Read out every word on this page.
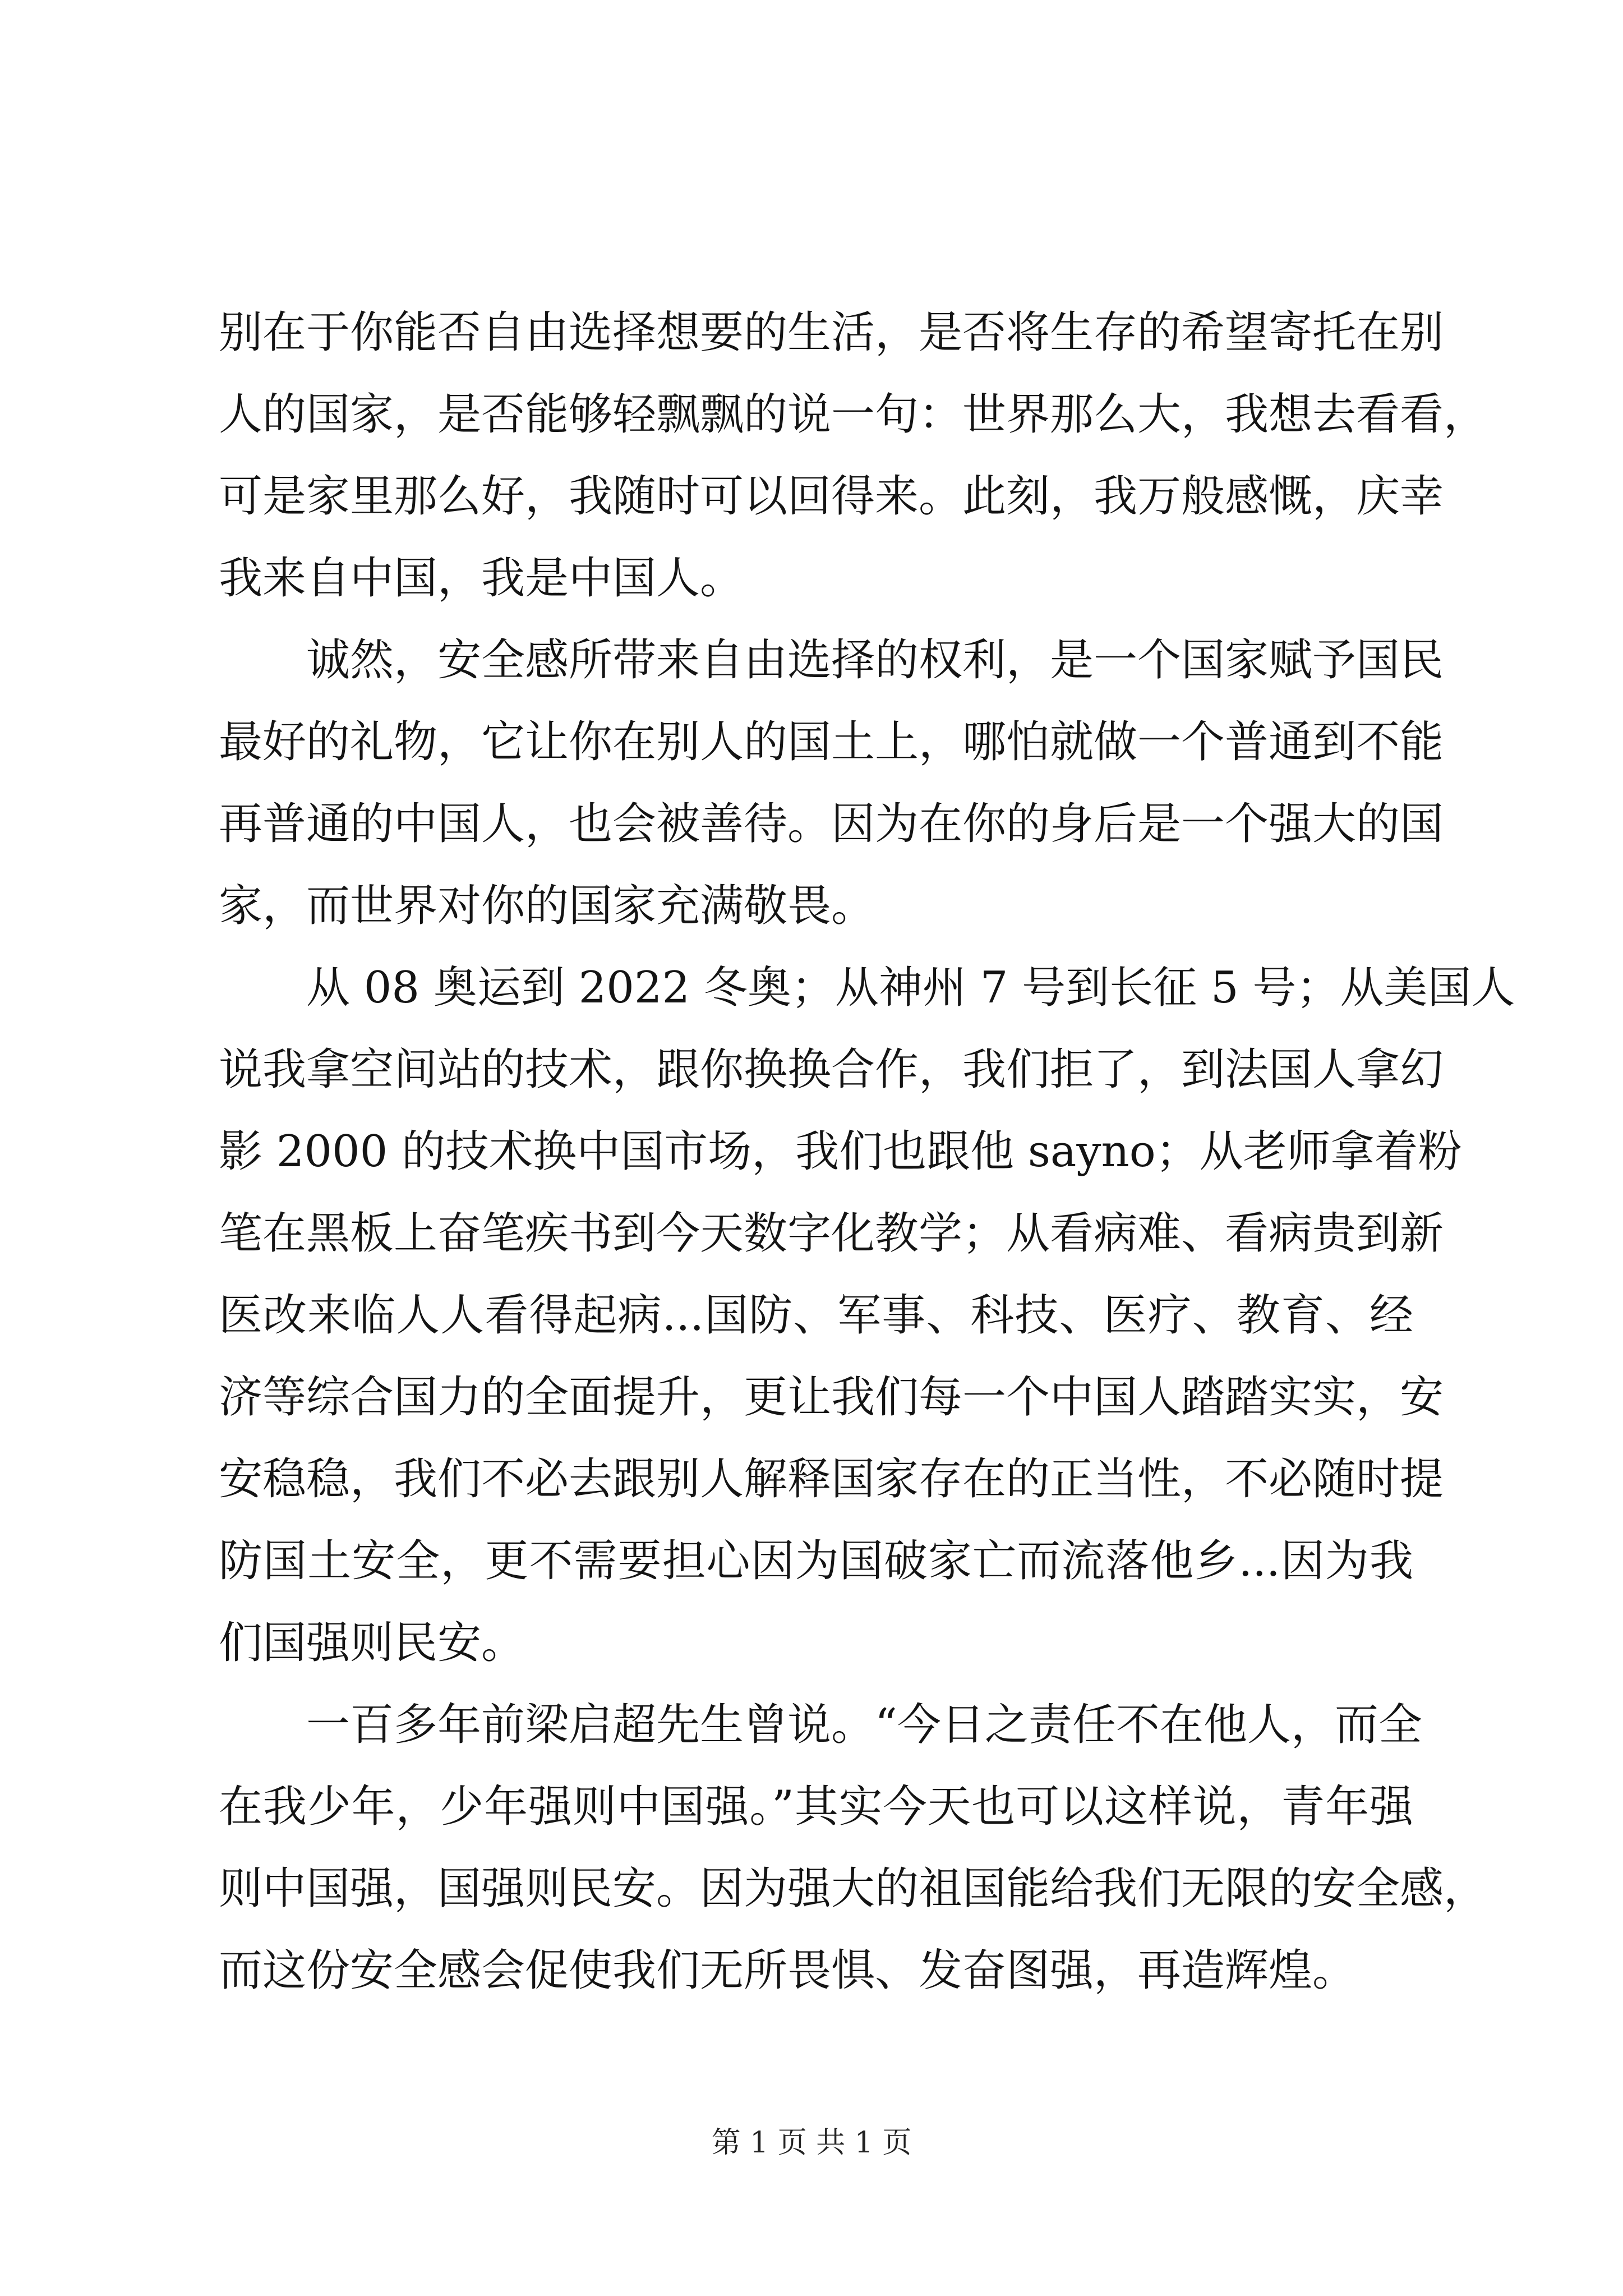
别在于你能否自由选择想要的生活，是否将生存的希望寄托在别
人的国家，是否能够轻飘飘的说一句：世界那么大，我想去看看，
可是家里那么好，我随时可以回得来。此刻，我万般感慨，庆幸
我来自中国，我是中国人。
诚然，安全感所带来自由选择的权利，是一个国家赋予国民
最好的礼物，它让你在别人的国土上，哪怕就做一个普通到不能
再普通的中国人，也会被善待。因为在你的身后是一个强大的国
家，而世界对你的国家充满敬畏。
从 08 奥运到 2022 冬奥；从神州 7 号到长征 5 号；从美国人
说我拿空间站的技术，跟你换换合作，我们拒了，到法国人拿幻
影 2000 的技术换中国市场，我们也跟他 sayno；从老师拿着粉
笔在黑板上奋笔疾书到今天数字化教学；从看病难、看病贵到新
医改来临人人看得起病...国防、军事、科技、医疗、教育、经
济等综合国力的全面提升，更让我们每一个中国人踏踏实实，安
安稳稳，我们不必去跟别人解释国家存在的正当性，不必随时提
防国土安全，更不需要担心因为国破家亡而流落他乡...因为我
们国强则民安。
一百多年前梁启超先生曾说。“今日之责任不在他人，而全
在我少年，少年强则中国强。”其实今天也可以这样说，青年强
则中国强，国强则民安。因为强大的祖国能给我们无限的安全感，
而这份安全感会促使我们无所畏惧、发奋图强，再造辉煌。
第 1 页 共 1 页
